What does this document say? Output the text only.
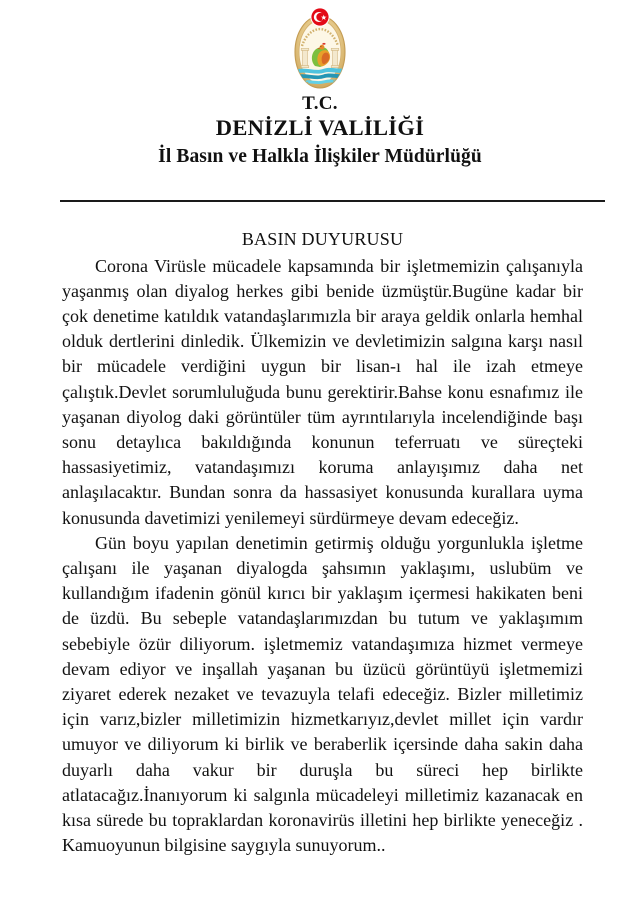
T.C.
DENİZLİ VALİLİĞİ
İl Basın ve Halkla İlişkiler Müdürlüğü
BASIN DUYURUSU

Corona Virüsle mücadele kapsamında bir işletmemizin çalışanıyla yaşanmış olan diyalog herkes gibi benide üzmüştür.Bugüne kadar bir çok denetime katıldık vatandaşlarımızla bir araya geldik onlarla hemhal olduk dertlerini dinledik. Ülkemizin ve devletimizin salgına karşı nasıl bir mücadele verdiğini uygun bir lisan-ı hal ile izah etmeye çalıştık.Devlet sorumluluğuda bunu gerektirir.Bahse konu esnafımız ile yaşanan diyolog daki görüntüler tüm ayrıntılarıyla incelendiğinde başı sonu detaylıca bakıldığında konunun teferruatı ve süreçteki hassasiyetimiz, vatandaşımızı koruma anlayışımız daha net anlaşılacaktır. Bundan sonra da hassasiyet konusunda kurallara uyma konusunda davetimizi yenilemeyi sürdürmeye devam edeceğiz.

Gün boyu yapılan denetimin getirmiş olduğu yorgunlukla işletme çalışanı ile yaşanan diyalogda şahsımın yaklaşımı, uslubüm ve kullandığım ifadenin gönül kırıcı bir yaklaşım içermesi hakikaten beni de üzdü. Bu sebeple vatandaşlarımızdan bu tutum ve yaklaşımım sebebiyle özür diliyorum. işletmemiz vatandaşımıza hizmet vermeye devam ediyor ve inşallah yaşanan bu üzücü görüntüyü işletmemizi ziyaret ederek nezaket ve tevazuyla telafi edeceğiz. Bizler milletimiz için varız,bizler milletimizin hizmetkarıyız,devlet millet için vardır umuyor ve diliyorum ki birlik ve beraberlik içersinde daha sakin daha duyarlı daha vakur bir duruşla bu süreci hep birlikte atlatacağız.İnanıyorum ki salgınla mücadeleyi milletimiz kazanacak en kısa sürede bu topraklardan koronavirüs illetini hep birlikte yeneceğiz . Kamuoyunun bilgisine saygıyla sunuyorum..
